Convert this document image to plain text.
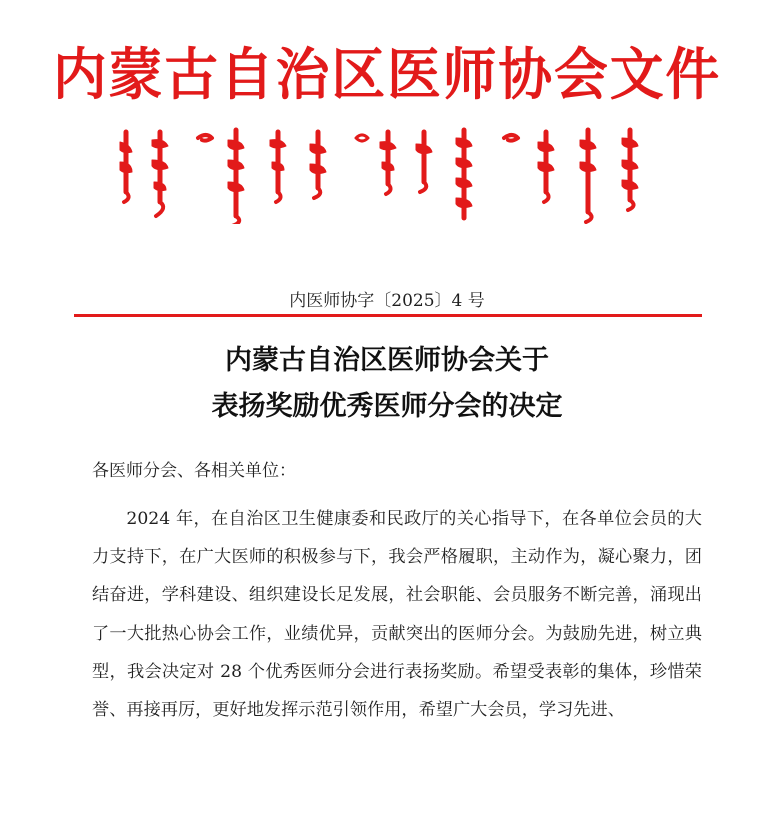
内蒙古自治区医师协会文件
内医师协字〔2025〕4 号
内蒙古自治区医师协会关于
表扬奖励优秀医师分会的决定
各医师分会、各相关单位：

2024 年，在自治区卫生健康委和民政厅的关心指导下，在各单位会员的大力支持下，在广大医师的积极参与下，我会严格履职，主动作为，凝心聚力，团结奋进，学科建设、组织建设长足发展，社会职能、会员服务不断完善，涌现出了一大批热心协会工作，业绩优异，贡献突出的医师分会。为鼓励先进，树立典型，我会决定对 28 个优秀医师分会进行表扬奖励。希望受表彰的集体，珍惜荣誉、再接再厉，更好地发挥示范引领作用，希望广大会员，学习先进、
